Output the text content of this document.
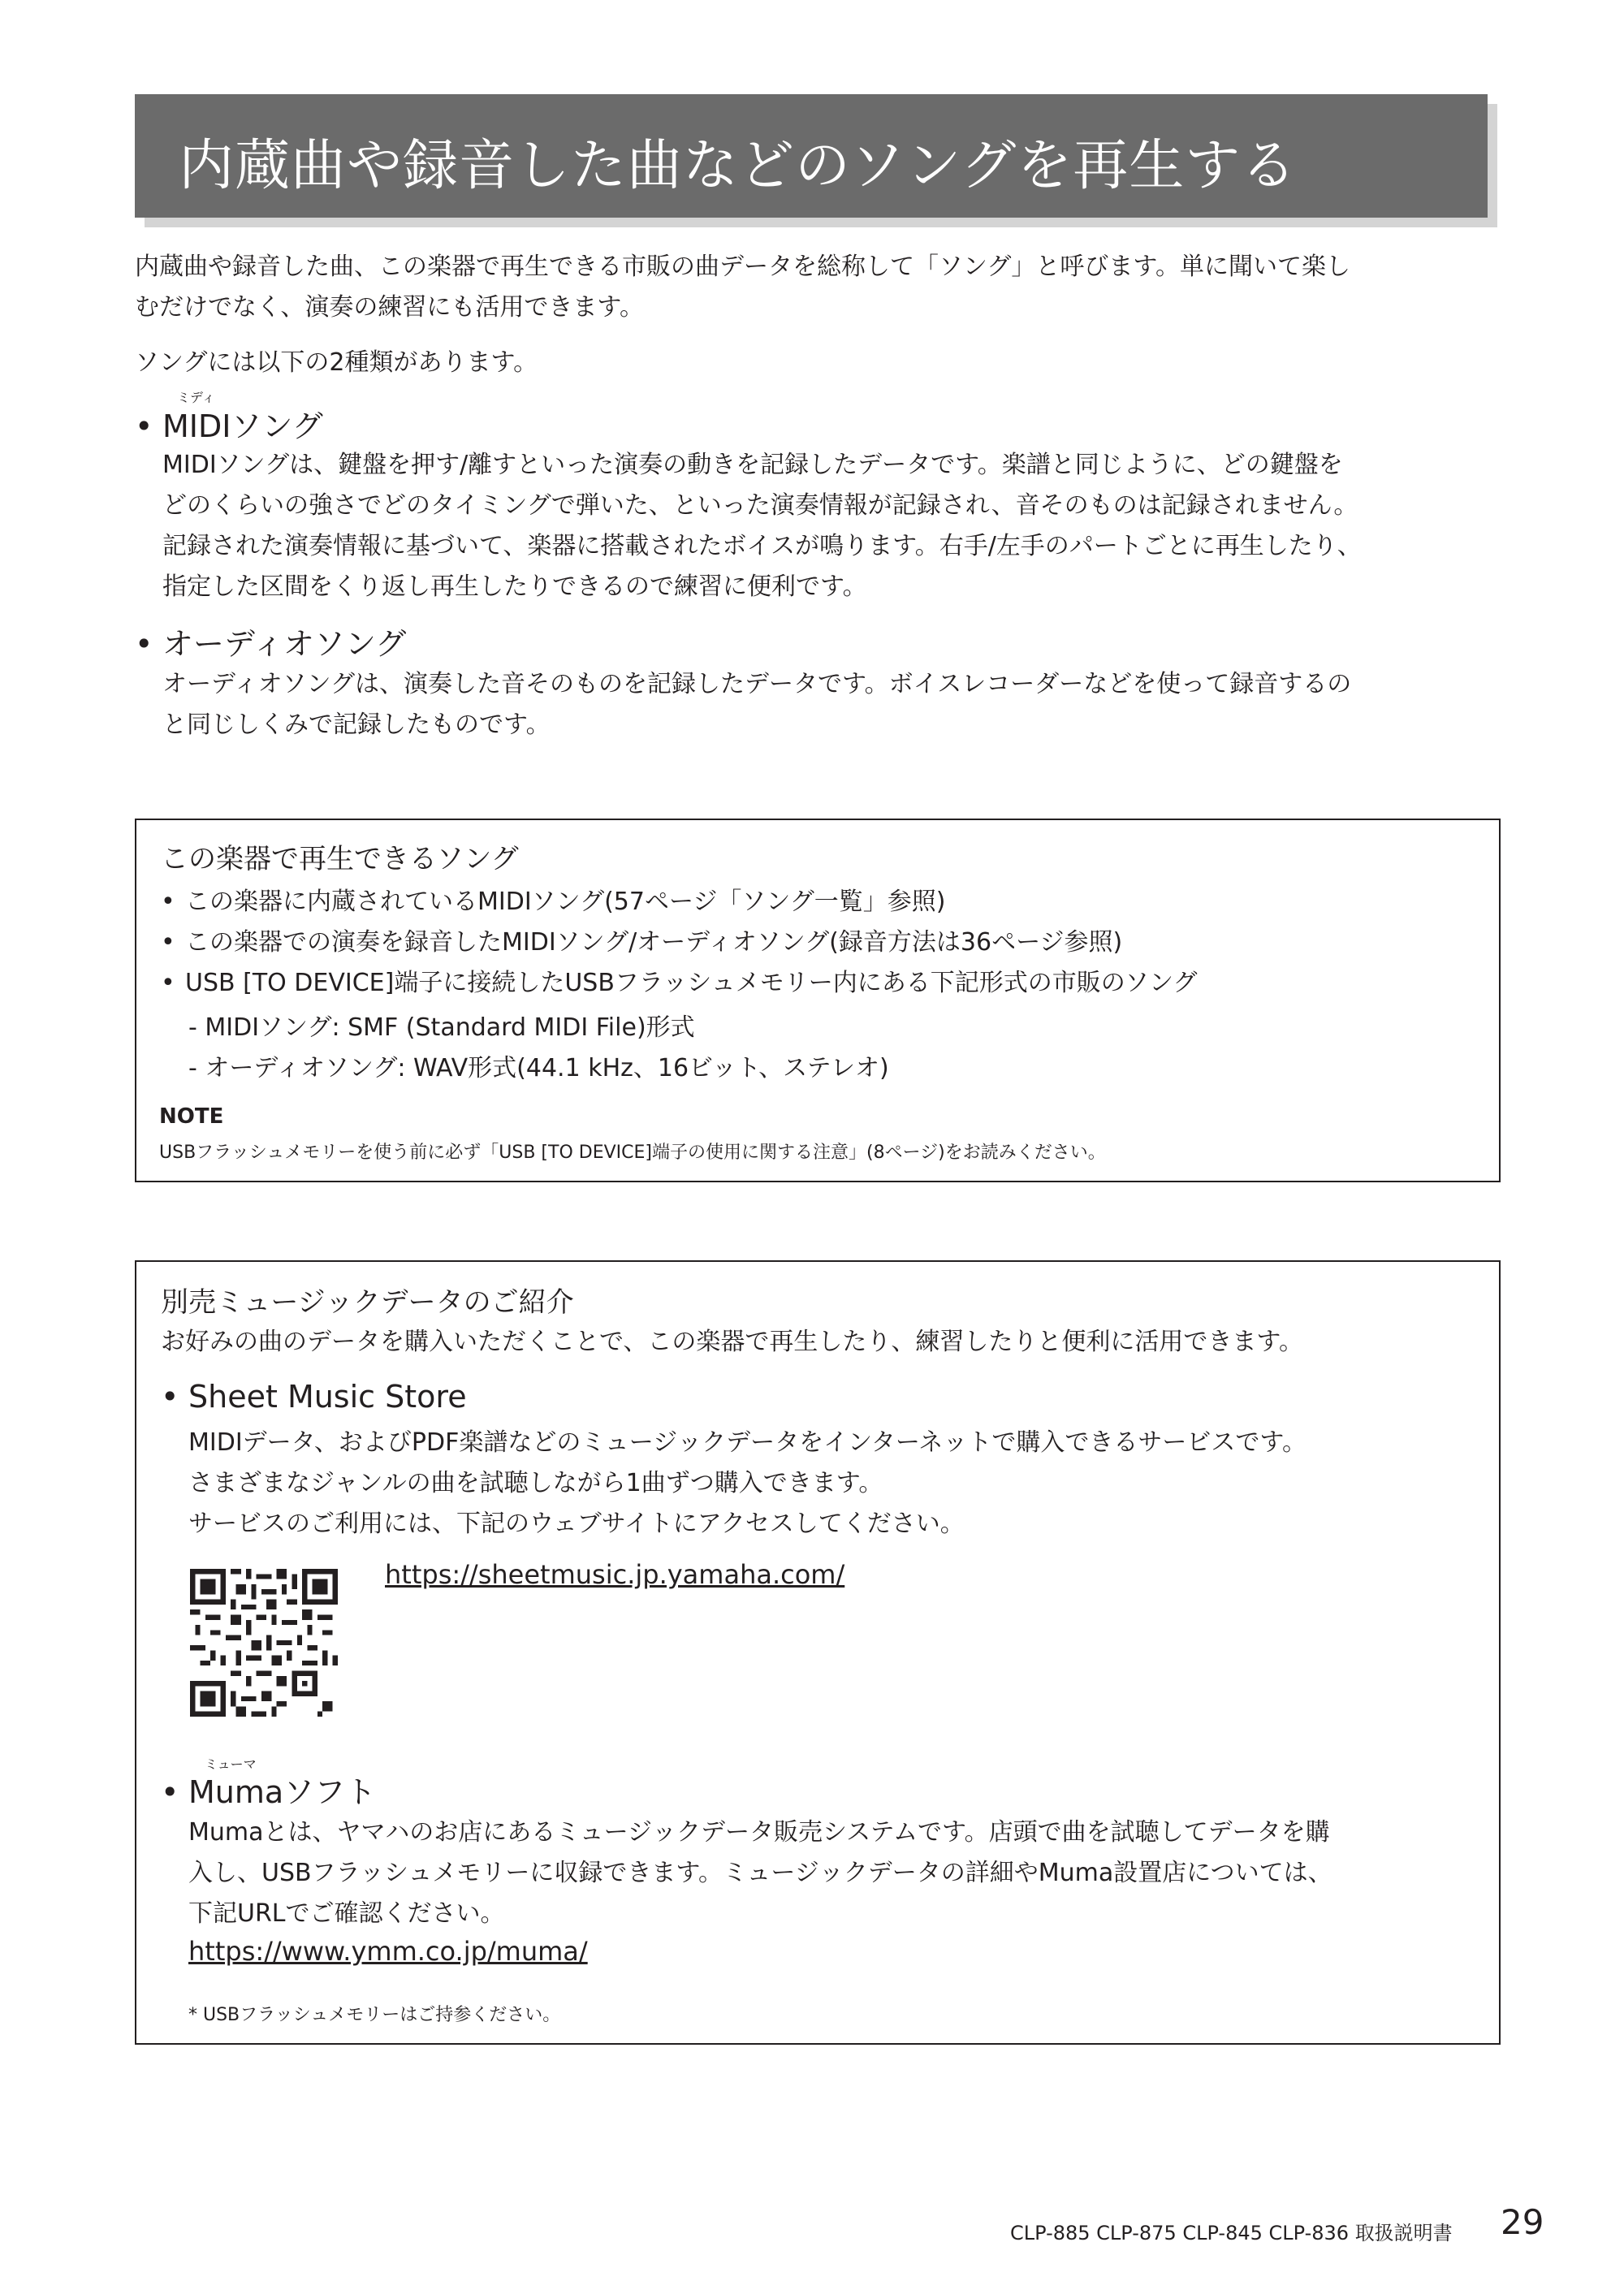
内蔵曲や録音した曲などのソングを再生する
内蔵曲や録音した曲、この楽器で再生できる市販の曲データを総称して「ソング」と呼びます。単に聞いて楽し
むだけでなく、演奏の練習にも活用できます。
ソングには以下の2種類があります。
ミディ
• MIDIソング
MIDIソングは、鍵盤を押す/離すといった演奏の動きを記録したデータです。楽譜と同じように、どの鍵盤を
どのくらいの強さでどのタイミングで弾いた、といった演奏情報が記録され、音そのものは記録されません。
記録された演奏情報に基づいて、楽器に搭載されたボイスが鳴ります。右手/左手のパートごとに再生したり、
指定した区間をくり返し再生したりできるので練習に便利です。
• オーディオソング
オーディオソングは、演奏した音そのものを記録したデータです。ボイスレコーダーなどを使って録音するの
と同じしくみで記録したものです。
この楽器で再生できるソング
• この楽器に内蔵されているMIDIソング(57ページ「ソング一覧」参照)
• この楽器での演奏を録音したMIDIソング/オーディオソング(録音方法は36ページ参照)
• USB [TO DEVICE]端子に接続したUSBフラッシュメモリー内にある下記形式の市販のソング
- MIDIソング: SMF (Standard MIDI File)形式
- オーディオソング: WAV形式(44.1 kHz、16ビット、ステレオ)
NOTE
USBフラッシュメモリーを使う前に必ず「USB [TO DEVICE]端子の使用に関する注意」(8ページ)をお読みください。
別売ミュージックデータのご紹介
お好みの曲のデータを購入いただくことで、この楽器で再生したり、練習したりと便利に活用できます。
• Sheet Music Store
MIDIデータ、およびPDF楽譜などのミュージックデータをインターネットで購入できるサービスです。
さまざまなジャンルの曲を試聴しながら1曲ずつ購入できます。
サービスのご利用には、下記のウェブサイトにアクセスしてください。
https://sheetmusic.jp.yamaha.com/
ミューマ
• Mumaソフト
Mumaとは、ヤマハのお店にあるミュージックデータ販売システムです。店頭で曲を試聴してデータを購
入し、USBフラッシュメモリーに収録できます。ミュージックデータの詳細やMuma設置店については、
下記URLでご確認ください。
https://www.ymm.co.jp/muma/
* USBフラッシュメモリーはご持参ください。
CLP-885 CLP-875 CLP-845 CLP-836 取扱説明書 29
